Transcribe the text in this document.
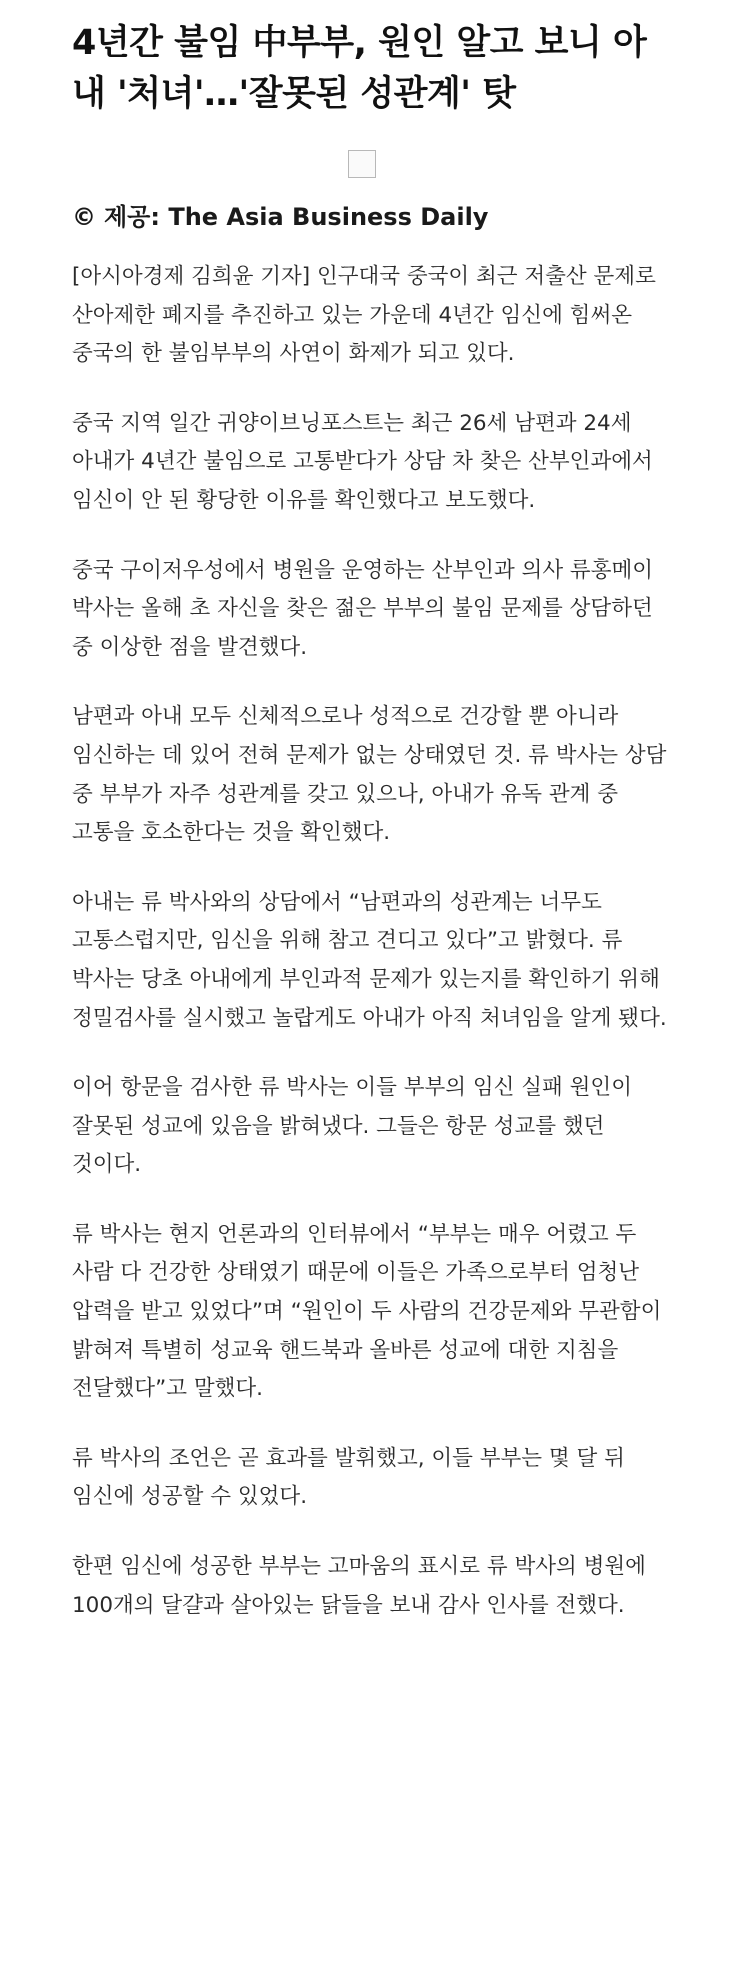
4년간 불임 中부부, 원인 알고 보니 아내 '처녀'…'잘못된 성관계' 탓
© 제공: The Asia Business Daily

[아시아경제 김희윤 기자] 인구대국 중국이 최근 저출산 문제로 산아제한 폐지를 추진하고 있는 가운데 4년간 임신에 힘써온 중국의 한 불임부부의 사연이 화제가 되고 있다.

중국 지역 일간 귀양이브닝포스트는 최근 26세 남편과 24세 아내가 4년간 불임으로 고통받다가 상담 차 찾은 산부인과에서 임신이 안 된 황당한 이유를 확인했다고 보도했다.

중국 구이저우성에서 병원을 운영하는 산부인과 의사 류홍메이 박사는 올해 초 자신을 찾은 젊은 부부의 불임 문제를 상담하던 중 이상한 점을 발견했다.

남편과 아내 모두 신체적으로나 성적으로 건강할 뿐 아니라 임신하는 데 있어 전혀 문제가 없는 상태였던 것. 류 박사는 상담 중 부부가 자주 성관계를 갖고 있으나, 아내가 유독 관계 중 고통을 호소한다는 것을 확인했다.

아내는 류 박사와의 상담에서 “남편과의 성관계는 너무도 고통스럽지만, 임신을 위해 참고 견디고 있다”고 밝혔다. 류 박사는 당초 아내에게 부인과적 문제가 있는지를 확인하기 위해 정밀검사를 실시했고 놀랍게도 아내가 아직 처녀임을 알게 됐다.

이어 항문을 검사한 류 박사는 이들 부부의 임신 실패 원인이 잘못된 성교에 있음을 밝혀냈다. 그들은 항문 성교를 했던 것이다.

류 박사는 현지 언론과의 인터뷰에서 “부부는 매우 어렸고 두 사람 다 건강한 상태였기 때문에 이들은 가족으로부터 엄청난 압력을 받고 있었다”며 “원인이 두 사람의 건강문제와 무관함이 밝혀져 특별히 성교육 핸드북과 올바른 성교에 대한 지침을 전달했다”고 말했다.

류 박사의 조언은 곧 효과를 발휘했고, 이들 부부는 몇 달 뒤 임신에 성공할 수 있었다.

한편 임신에 성공한 부부는 고마움의 표시로 류 박사의 병원에 100개의 달걀과 살아있는 닭들을 보내 감사 인사를 전했다.
